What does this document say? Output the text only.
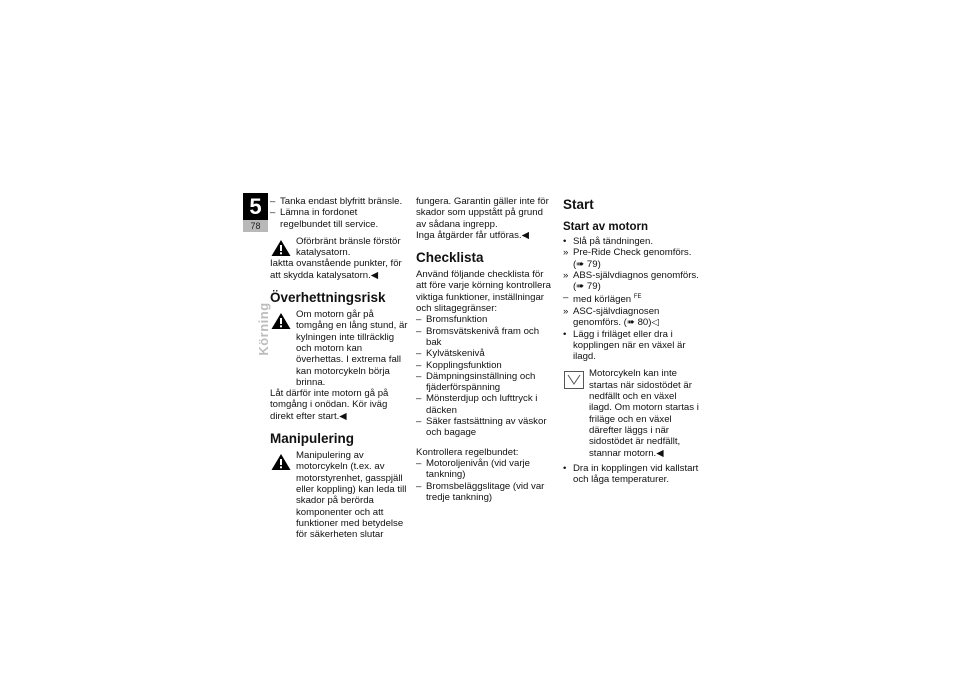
5
78
Körning

– Tanka endast blyfritt bränsle.

– Lämna in fordonet regelbundet till service.

Oförbränt bränsle förstör katalysatorn.

Iaktta ovanstående punkter, för att skydda katalysatorn.◀

Överhettningsrisk
Om motorn går på tomgång en lång stund, är kylningen inte tillräcklig och motorn kan överhettas. I extrema fall kan motorcykeln börja brinna.

Låt därför inte motorn gå på tomgång i onödan. Kör iväg direkt efter start.◀

Manipulering
Manipulering av motorcykeln (t.ex. av motorstyrenhet, gasspjäll eller koppling) kan leda till skador på berörda komponenter och att funktioner med betydelse för säkerheten slutar

fungera. Garantin gäller inte för skador som uppstått på grund av sådana ingrepp.

Inga åtgärder får utföras.◀

Checklista

Använd följande checklista för att före varje körning kontrollera viktiga funktioner, inställningar och slitagegränser:

– Bromsfunktion

– Bromsvätskenivå fram och bak

– Kylvätskenivå

– Kopplingsfunktion

– Dämpningsinställning och fjäderförspänning

– Mönsterdjup och lufttryck i däcken

– Säker fastsättning av väskor och bagage

Kontrollera regelbundet:

– Motoroljenivån (vid varje tankning)

– Bromsbeläggslitage (vid var tredje tankning)

Start
Start av motorn

• Slå på tändningen.

» Pre-Ride Check genomförs.
(➠ 79)

» ABS-självdiagnos genomförs.
(➠ 79)

– med körlägen $^{FE}$

» ASC-självdiagnosen genomförs. (➠ 80)◁

• Lägg i friläget eller dra i kopplingen när en växel är ilagd.

Motorcykeln kan inte startas när sidostödet är nedfällt och en växel ilagd. Om motorn startas i friläge och en växel därefter läggs i när sidostödet är nedfällt, stannar motorn.◀

• Dra in kopplingen vid kallstart och låga temperaturer.
